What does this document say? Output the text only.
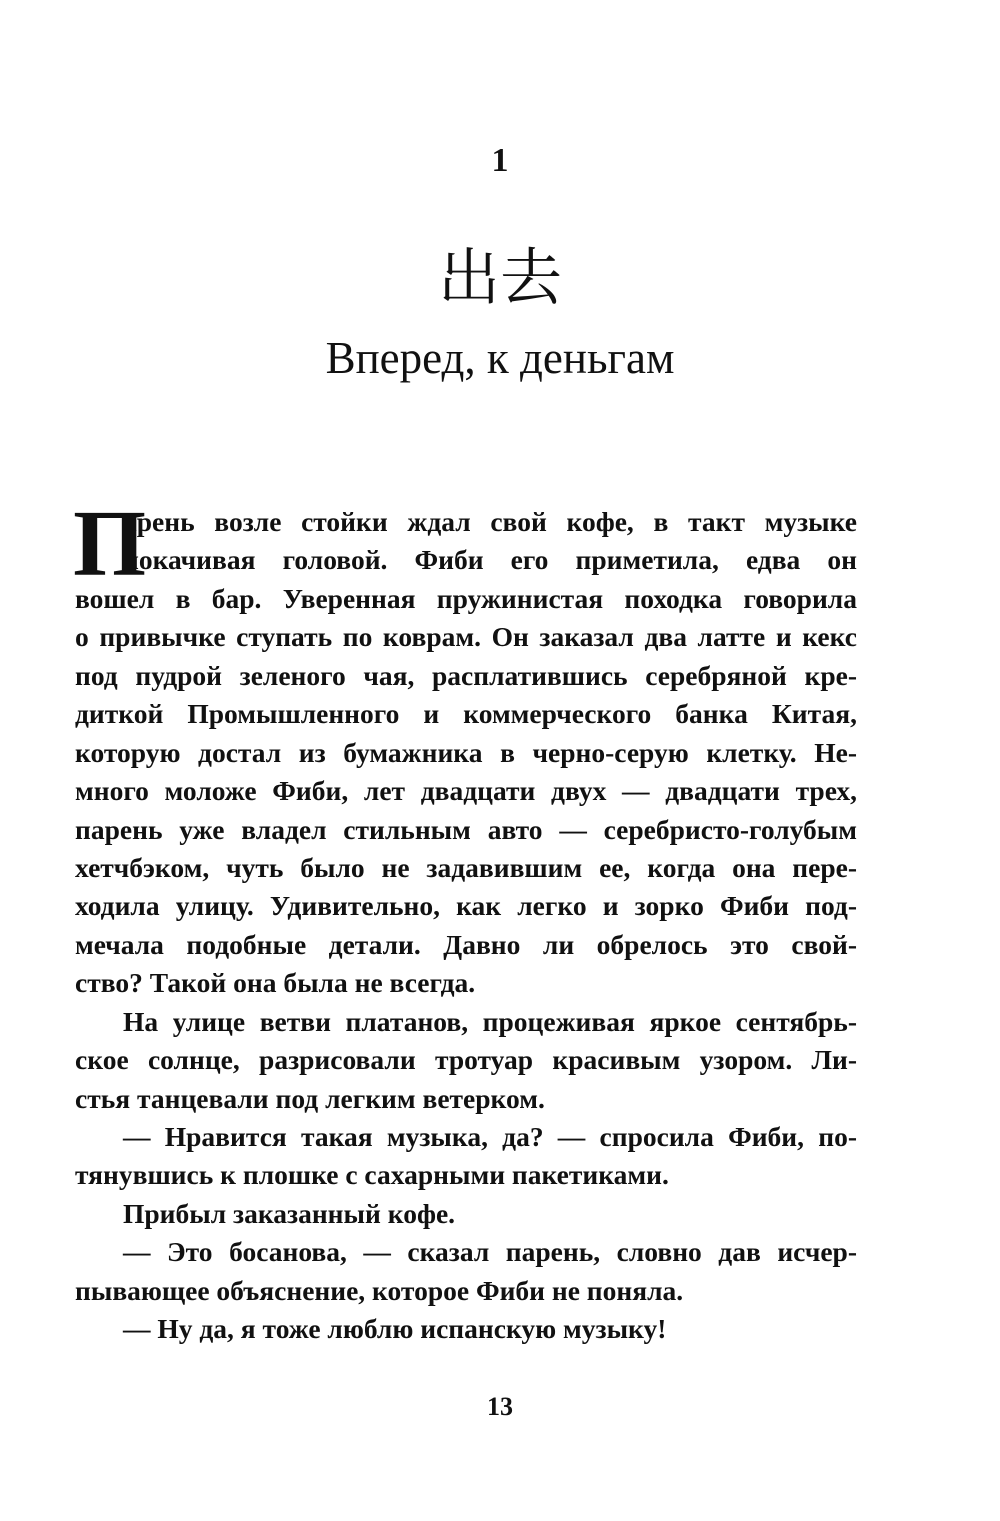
1
出去
Вперед, к деньгам
П
арень возле стойки ждал свой кофе, в такт музыке
покачивая головой. Фиби его приметила, едва он
вошел в бар. Уверенная пружинистая походка говорила
о привычке ступать по коврам. Он заказал два латте и кекс
под пудрой зеленого чая, расплатившись серебряной кре-
диткой Промышленного и коммерческого банка Китая,
которую достал из бумажника в черно-серую клетку. Не-
много моложе Фиби, лет двадцати двух — двадцати трех,
парень уже владел стильным авто — серебристо-голубым
хетчбэком, чуть было не задавившим ее, когда она пере-
ходила улицу. Удивительно, как легко и зорко Фиби под-
мечала подобные детали. Давно ли обрелось это свой-
ство? Такой она была не всегда.
На улице ветви платанов, процеживая яркое сентябрь-
ское солнце, разрисовали тротуар красивым узором. Ли-
стья танцевали под легким ветерком.
— Нравится такая музыка, да? — спросила Фиби, по-
тянувшись к плошке с сахарными пакетиками.
Прибыл заказанный кофе.
— Это босанова, — сказал парень, словно дав исчер-
пывающее объяснение, которое Фиби не поняла.
— Ну да, я тоже люблю испанскую музыку!
13
